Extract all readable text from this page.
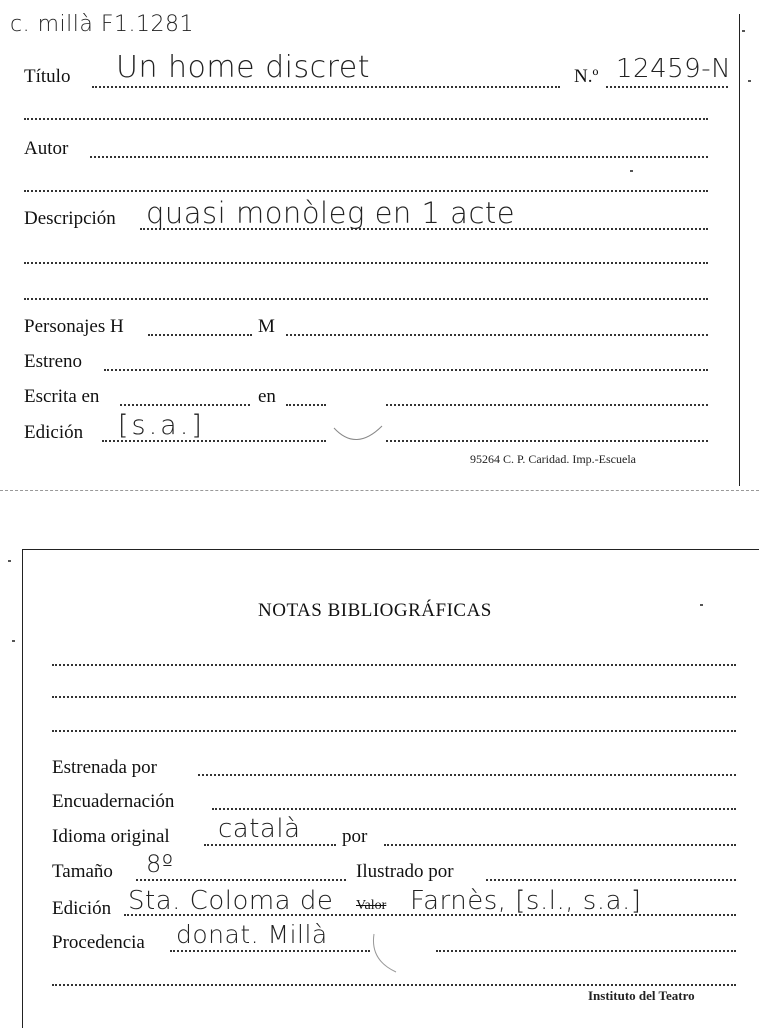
c. millà F1.1281
Título Un home discret	N.º 12459-N
Autor
Descripción quasi monòleg en 1 acte
Personajes H	M
Estreno
Escrita en	en
Edición [s.a.]
95264 C. P. Caridad. Imp.-Escuela
NOTAS BIBLIOGRÁFICAS
Estrenada por
Encuadernación
Idioma original català por
Tamaño 8º	Ilustrado por
Edición Sta. Coloma de Valor Farnès, [s.l., s.a.]
Procedencia donat. Millà
Instituto del Teatro
